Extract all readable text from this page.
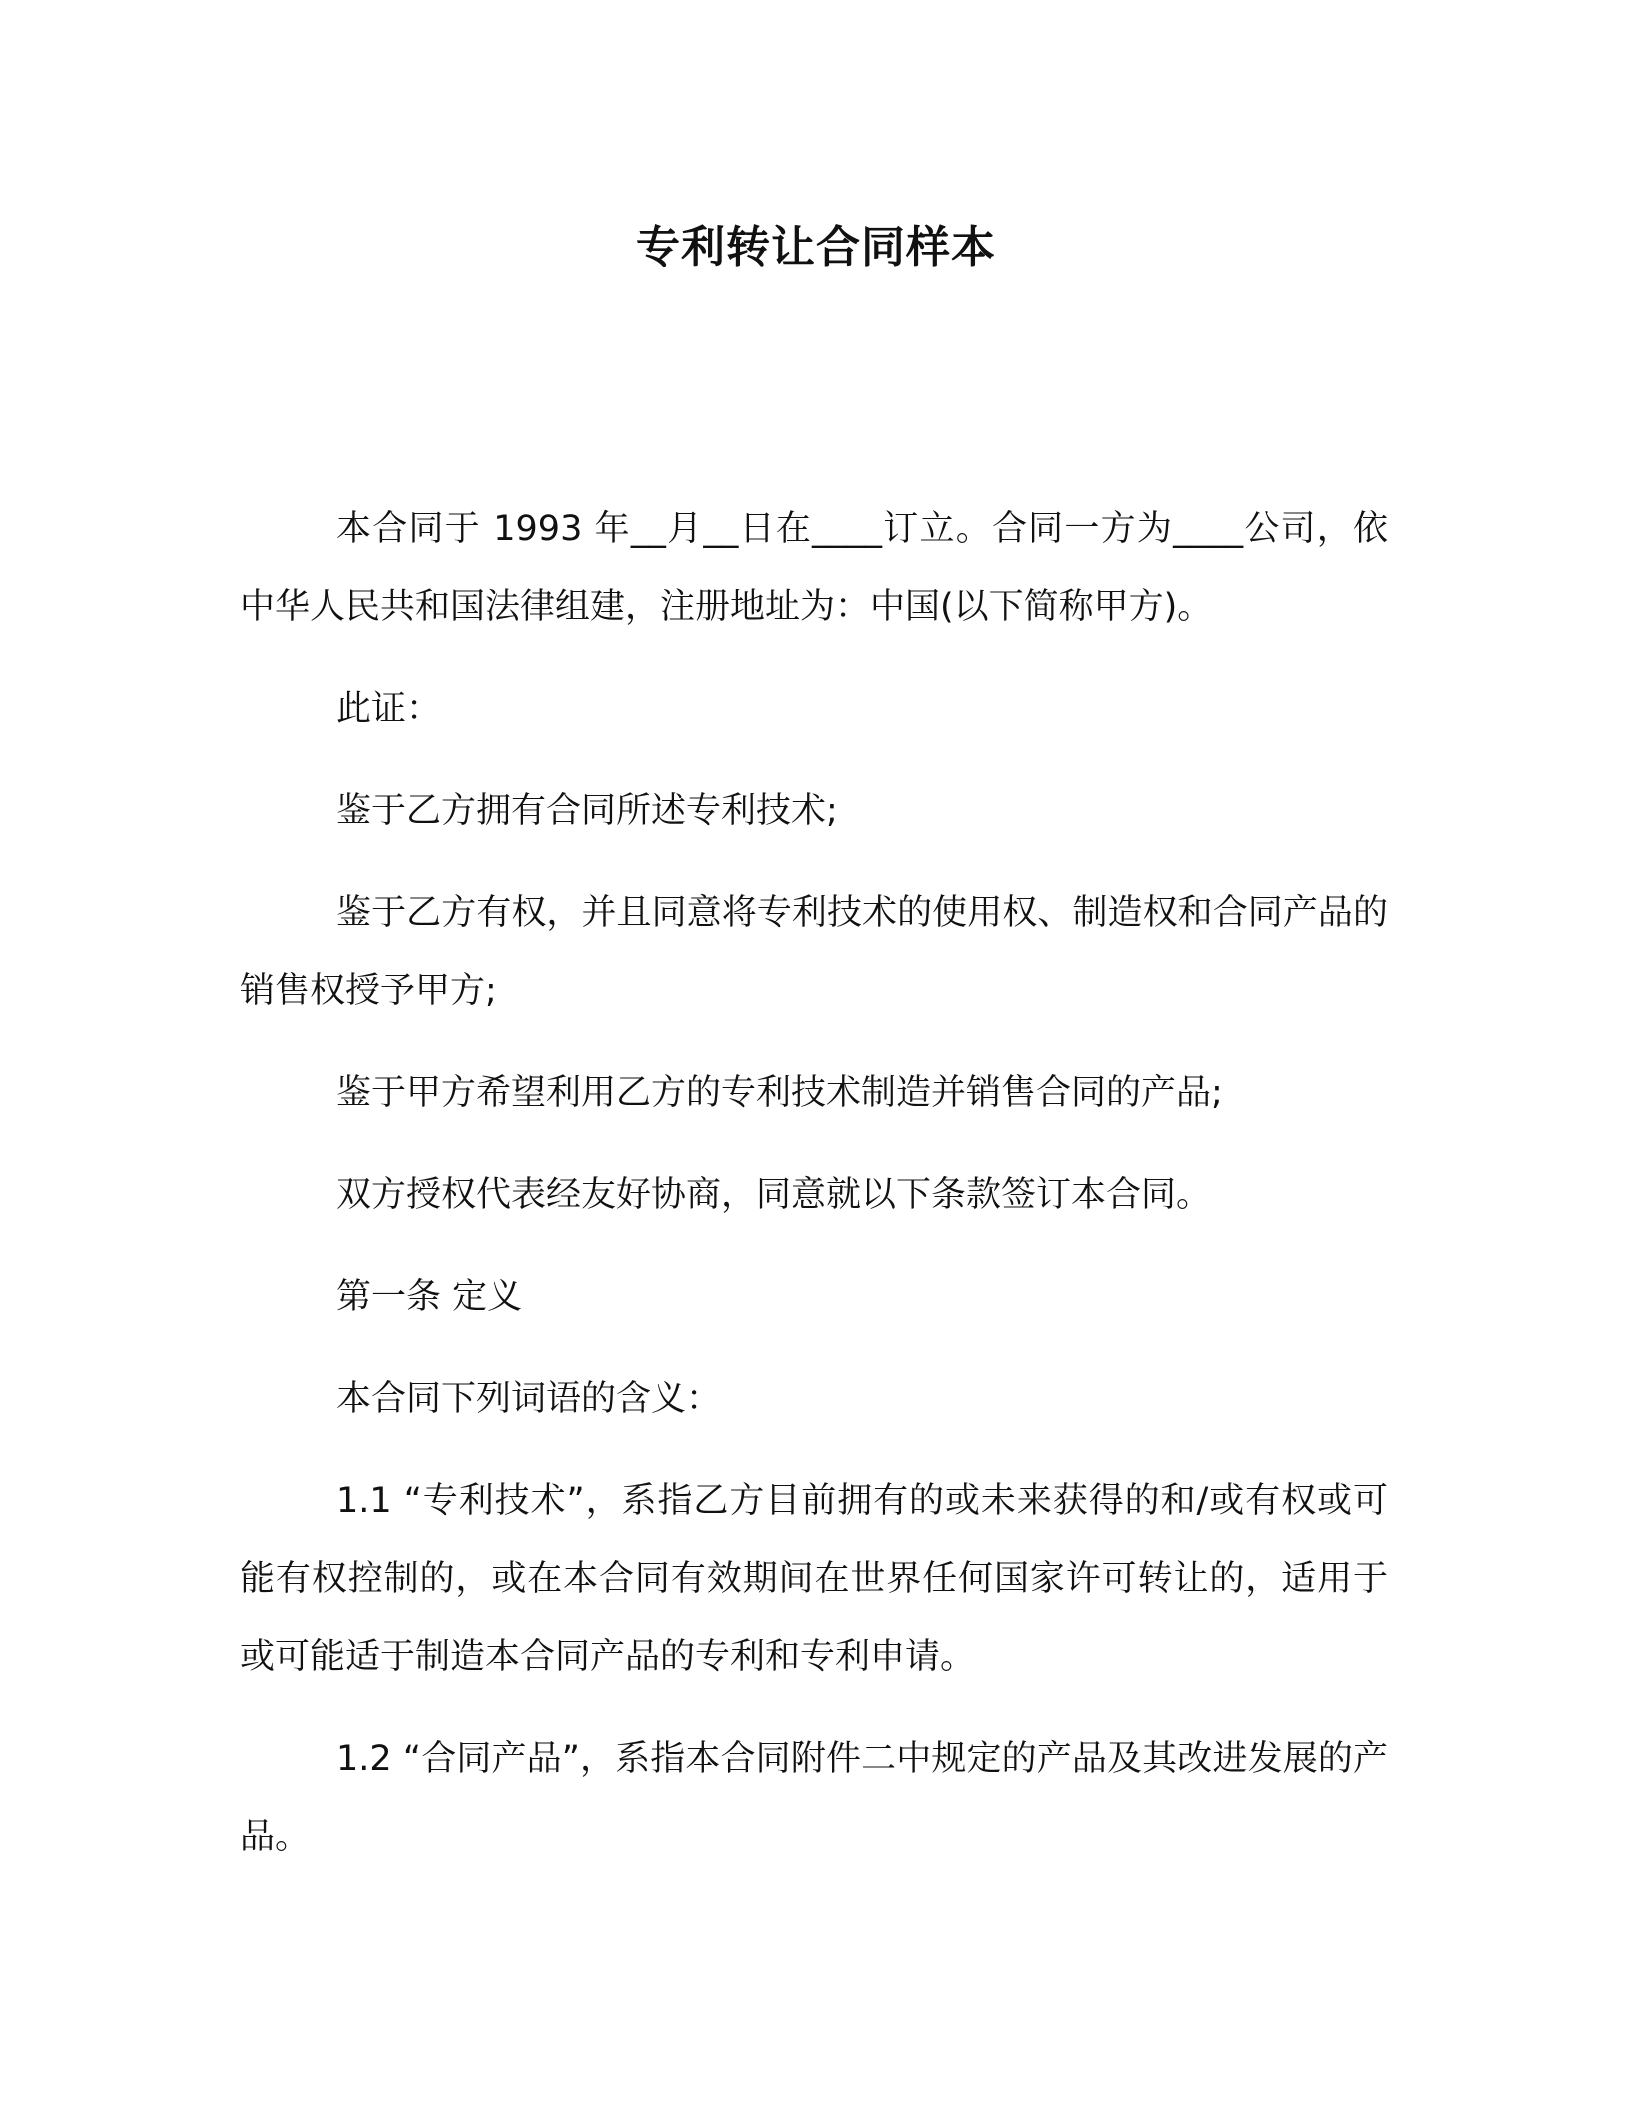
专利转让合同样本

本合同于 1993 年__月__日在____订立。合同一方为____公司，依中华人民共和国法律组建，注册地址为：中国(以下简称甲方)。

此证：

鉴于乙方拥有合同所述专利技术;

鉴于乙方有权，并且同意将专利技术的使用权、制造权和合同产品的销售权授予甲方;

鉴于甲方希望利用乙方的专利技术制造并销售合同的产品;

双方授权代表经友好协商，同意就以下条款签订本合同。

第一条 定义

本合同下列词语的含义：

1.1 “专利技术”，系指乙方目前拥有的或未来获得的和/或有权或可能有权控制的，或在本合同有效期间在世界任何国家许可转让的，适用于或可能适于制造本合同产品的专利和专利申请。

1.2 “合同产品”，系指本合同附件二中规定的产品及其改进发展的产品。
